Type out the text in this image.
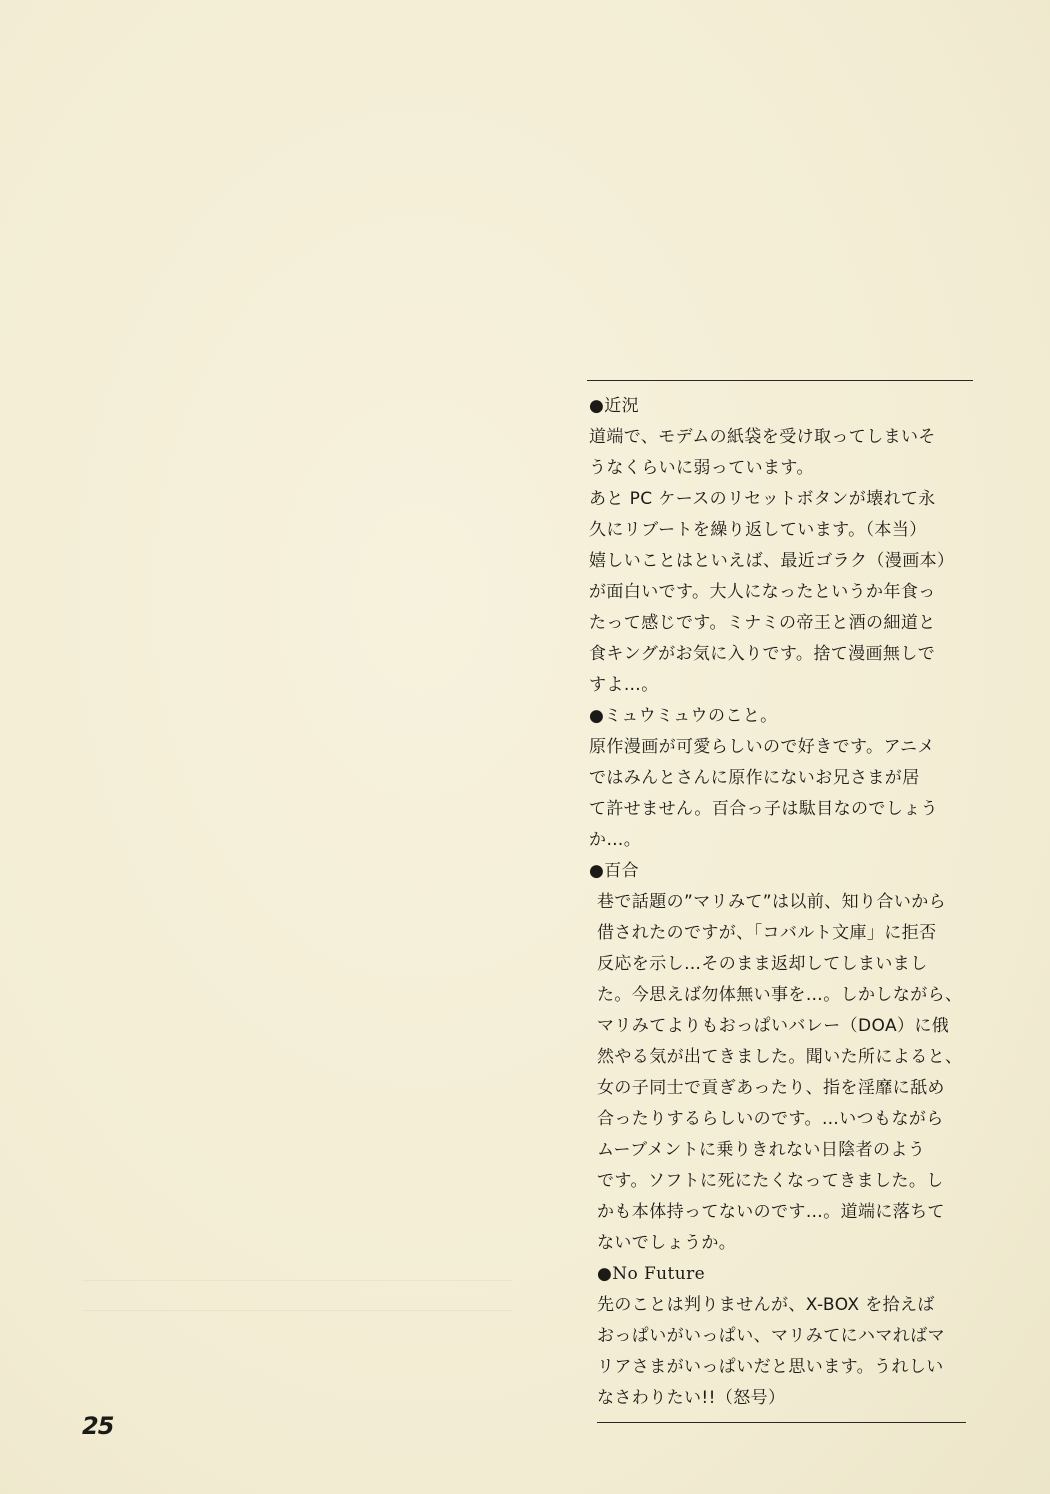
●近況
道端で、モデムの紙袋を受け取ってしまいそ
うなくらいに弱っています。
あと PC ケースのリセットボタンが壊れて永
久にリブートを繰り返しています。（本当）
嬉しいことはといえば、最近ゴラク（漫画本）
が面白いです。大人になったというか年食っ
たって感じです。ミナミの帝王と酒の細道と
食キングがお気に入りです。捨て漫画無しで
すよ…。
●ミュウミュウのこと。
原作漫画が可愛らしいので好きです。アニメ
ではみんとさんに原作にないお兄さまが居
て許せません。百合っ子は駄目なのでしょう
か…。
●百合
巷で話題の”マリみて”は以前、知り合いから
借されたのですが、「コバルト文庫」に拒否
反応を示し…そのまま返却してしまいまし
た。今思えば勿体無い事を…。しかしながら、
マリみてよりもおっぱいバレー（DOA）に俄
然やる気が出てきました。聞いた所によると、
女の子同士で貢ぎあったり、指を淫靡に舐め
合ったりするらしいのです。…いつもながら
ムーブメントに乗りきれない日陰者のよう
です。ソフトに死にたくなってきました。し
かも本体持ってないのです…。道端に落ちて
ないでしょうか。
●No Future
先のことは判りませんが、X-BOX を拾えば
おっぱいがいっぱい、マリみてにハマればマ
リアさまがいっぱいだと思います。うれしい
なさわりたい!!（怒号）
25
